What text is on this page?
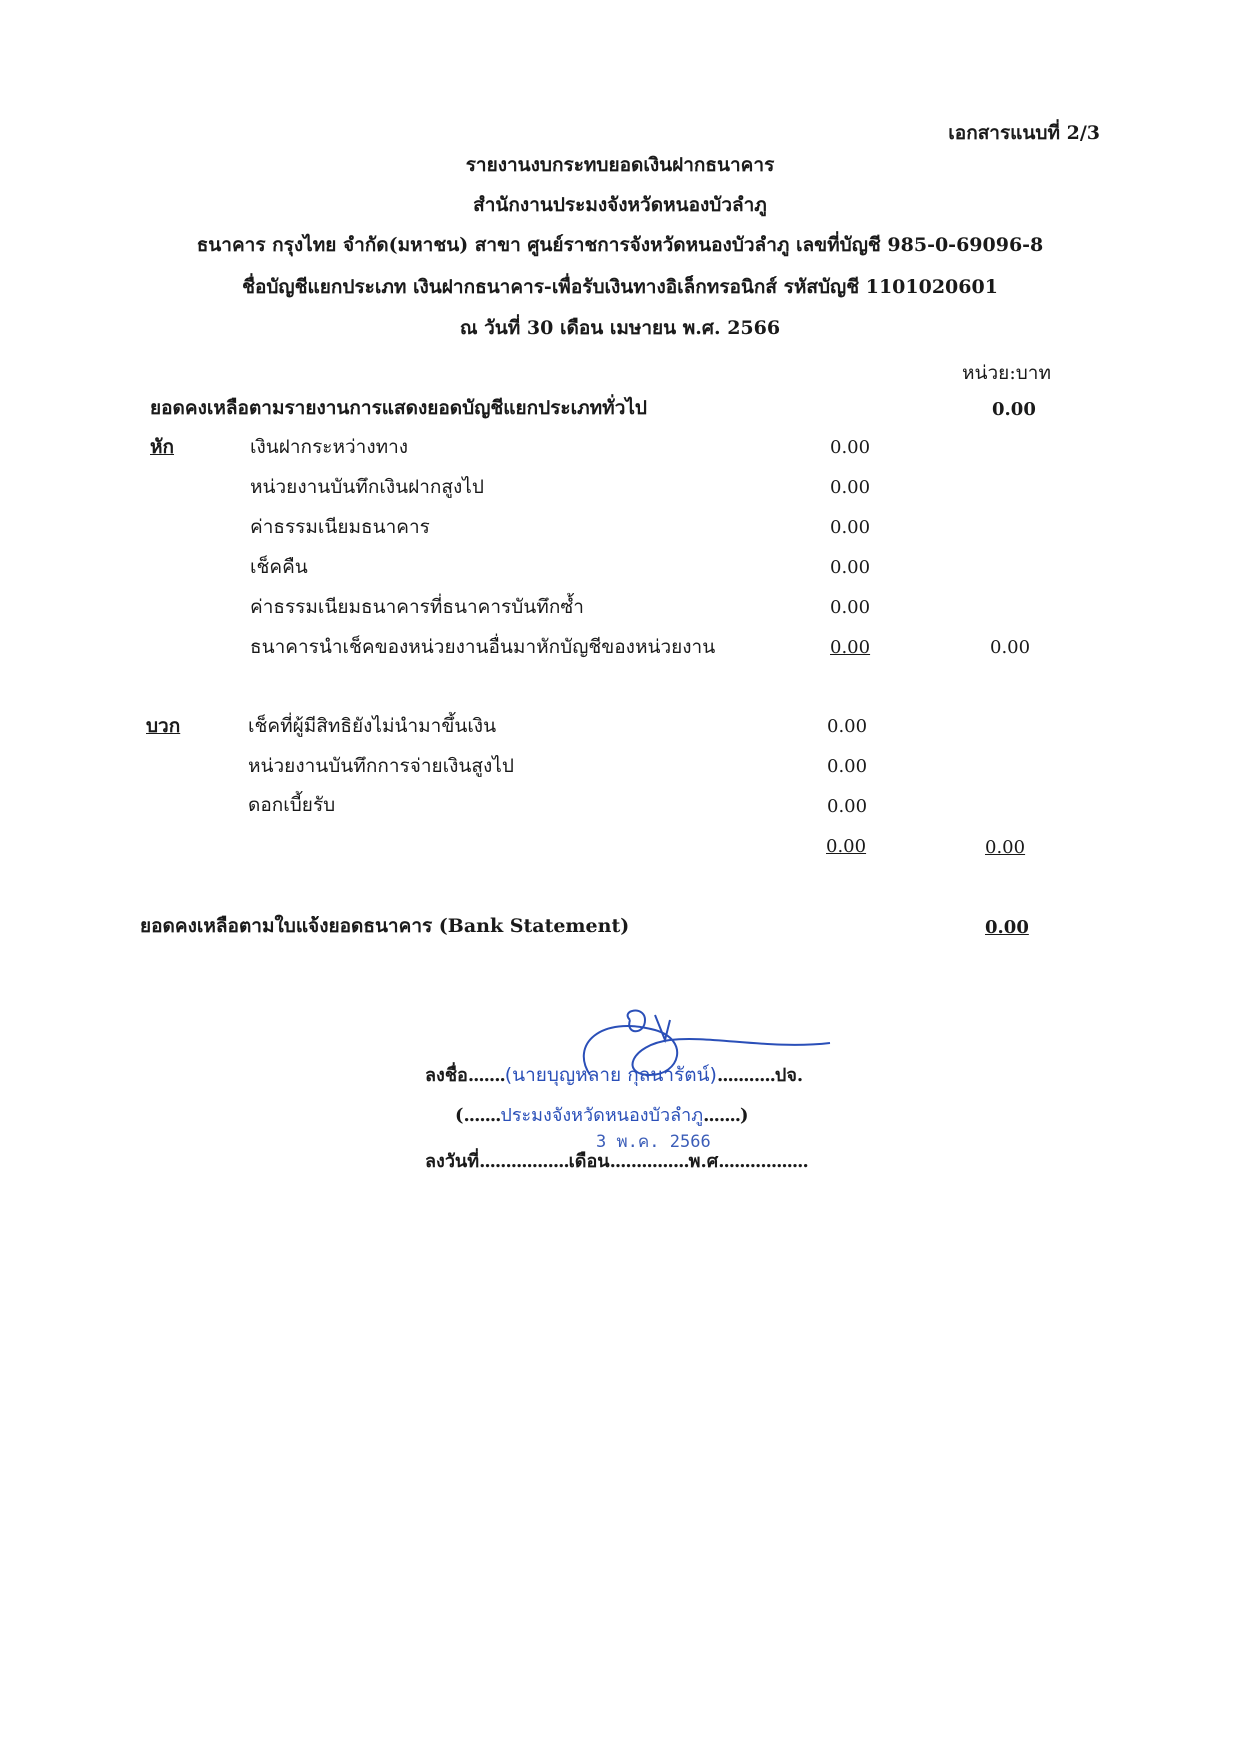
เอกสารแนบที่ 2/3
รายงานงบกระทบยอดเงินฝากธนาคาร
สำนักงานประมงจังหวัดหนองบัวลำภู
ธนาคาร กรุงไทย จำกัด(มหาชน) สาขา ศูนย์ราชการจังหวัดหนองบัวลำภู เลขที่บัญชี 985-0-69096-8
ชื่อบัญชีแยกประเภท เงินฝากธนาคาร-เพื่อรับเงินทางอิเล็กทรอนิกส์ รหัสบัญชี 1101020601
ณ วันที่ 30 เดือน เมษายน พ.ศ. 2566
หน่วย:บาท
ยอดคงเหลือตามรายงานการแสดงยอดบัญชีแยกประเภททั่วไป	0.00
หัก	เงินฝากระหว่างทาง	0.00
หน่วยงานบันทึกเงินฝากสูงไป	0.00
ค่าธรรมเนียมธนาคาร	0.00
เช็คคืน	0.00
ค่าธรรมเนียมธนาคารที่ธนาคารบันทึกซ้ำ	0.00
ธนาคารนำเช็คของหน่วยงานอื่นมาหักบัญชีของหน่วยงาน	0.00	0.00
บวก	เช็คที่ผู้มีสิทธิยังไม่นำมาขึ้นเงิน	0.00
หน่วยงานบันทึกการจ่ายเงินสูงไป	0.00
ดอกเบี้ยรับ	0.00
0.00	0.00
ยอดคงเหลือตามใบแจ้งยอดธนาคาร (Bank Statement)	0.00
ลงชื่อ.......(นายบุญหลาย กุลนารัตน์)...........ปจ.
(.......ประมงจังหวัดหนองบัวลำภู.......)
3 พ.ค. 2566
ลงวันที่.................เดือน...............พ.ศ.................
